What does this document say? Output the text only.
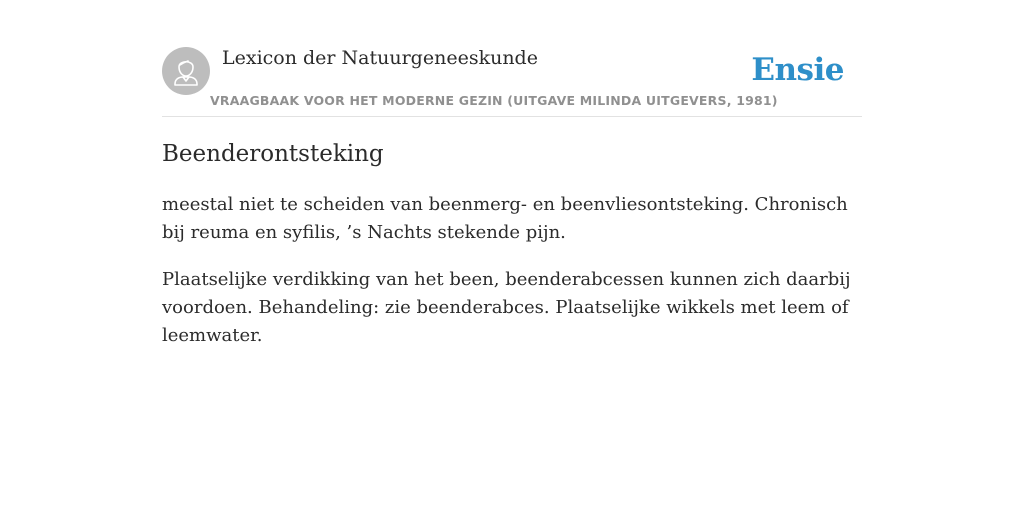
Lexicon der Natuurgeneeskunde
VRAAGBAAK VOOR HET MODERNE GEZIN (UITGAVE MILINDA UITGEVERS, 1981)
Ensie
Beenderontsteking

meestal niet te scheiden van beenmerg- en beenvliesontsteking. Chronisch bij reuma en syfilis, ’s Nachts stekende pijn.

Plaatselijke verdikking van het been, beenderabcessen kunnen zich daarbij voordoen. Behandeling: zie beenderabces. Plaatselijke wikkels met leem of leemwater.
